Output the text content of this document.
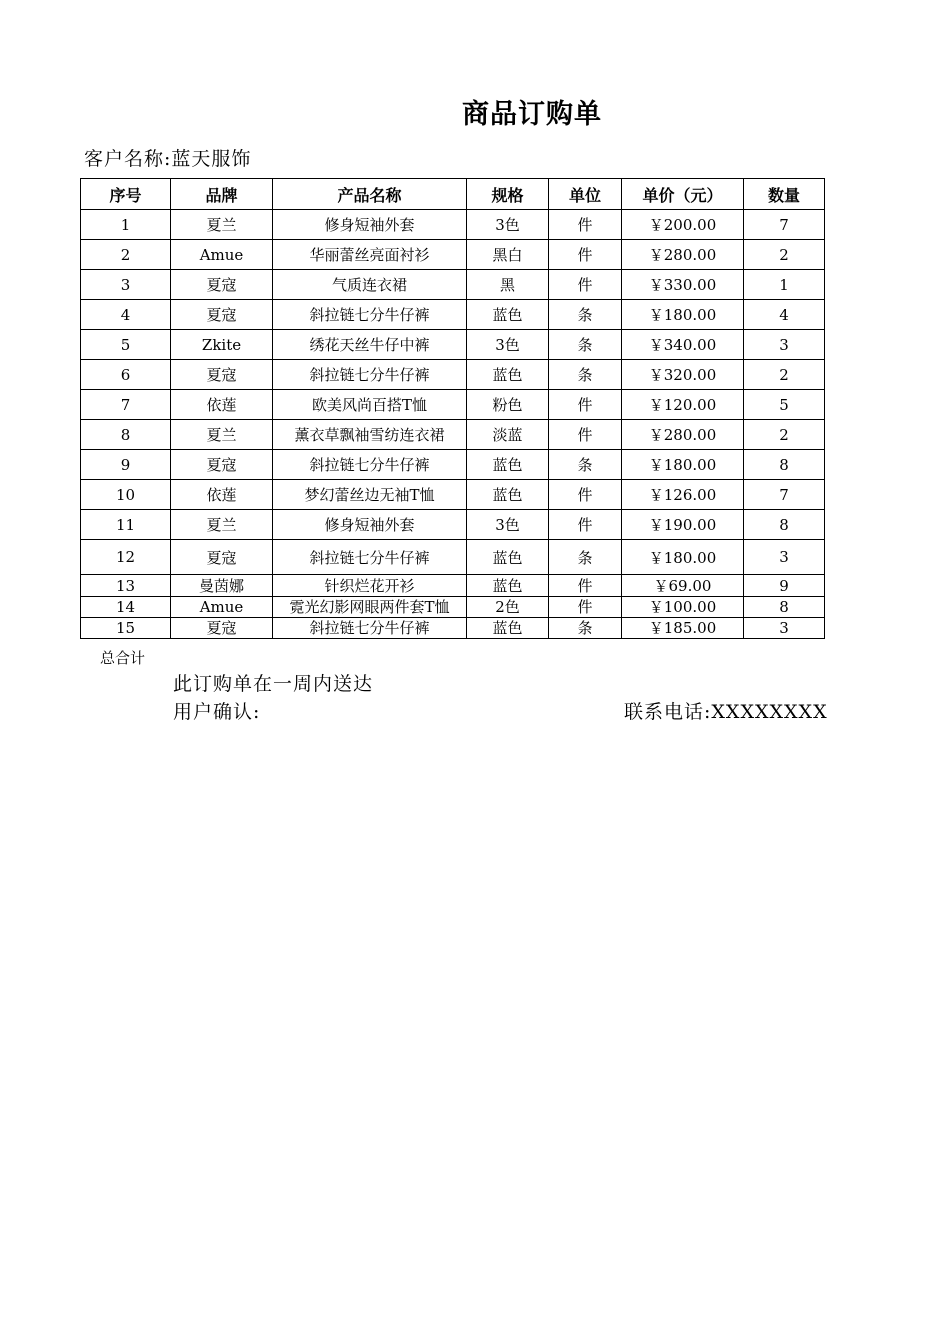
商品订购单
客户名称:蓝天服饰
序号	品牌	产品名称	规格	单位	单价（元）	数量
1	夏兰	修身短袖外套	3色	件	￥200.00	7
2	Amue	华丽蕾丝亮面衬衫	黑白	件	￥280.00	2
3	夏寇	气质连衣裙	黑	件	￥330.00	1
4	夏寇	斜拉链七分牛仔裤	蓝色	条	￥180.00	4
5	Zkite	绣花天丝牛仔中裤	3色	条	￥340.00	3
6	夏寇	斜拉链七分牛仔裤	蓝色	条	￥320.00	2
7	依莲	欧美风尚百搭T恤	粉色	件	￥120.00	5
8	夏兰	薰衣草飘袖雪纺连衣裙	淡蓝	件	￥280.00	2
9	夏寇	斜拉链七分牛仔裤	蓝色	条	￥180.00	8
10	依莲	梦幻蕾丝边无袖T恤	蓝色	件	￥126.00	7
11	夏兰	修身短袖外套	3色	件	￥190.00	8
12	夏寇	斜拉链七分牛仔裤	蓝色	条	￥180.00	3
13	曼茵娜	针织烂花开衫	蓝色	件	￥69.00	9
14	Amue	霓光幻影网眼两件套T恤	2色	件	￥100.00	8
15	夏寇	斜拉链七分牛仔裤	蓝色	条	￥185.00	3
总合计
此订购单在一周内送达
用户确认:	联系电话:XXXXXXXX
